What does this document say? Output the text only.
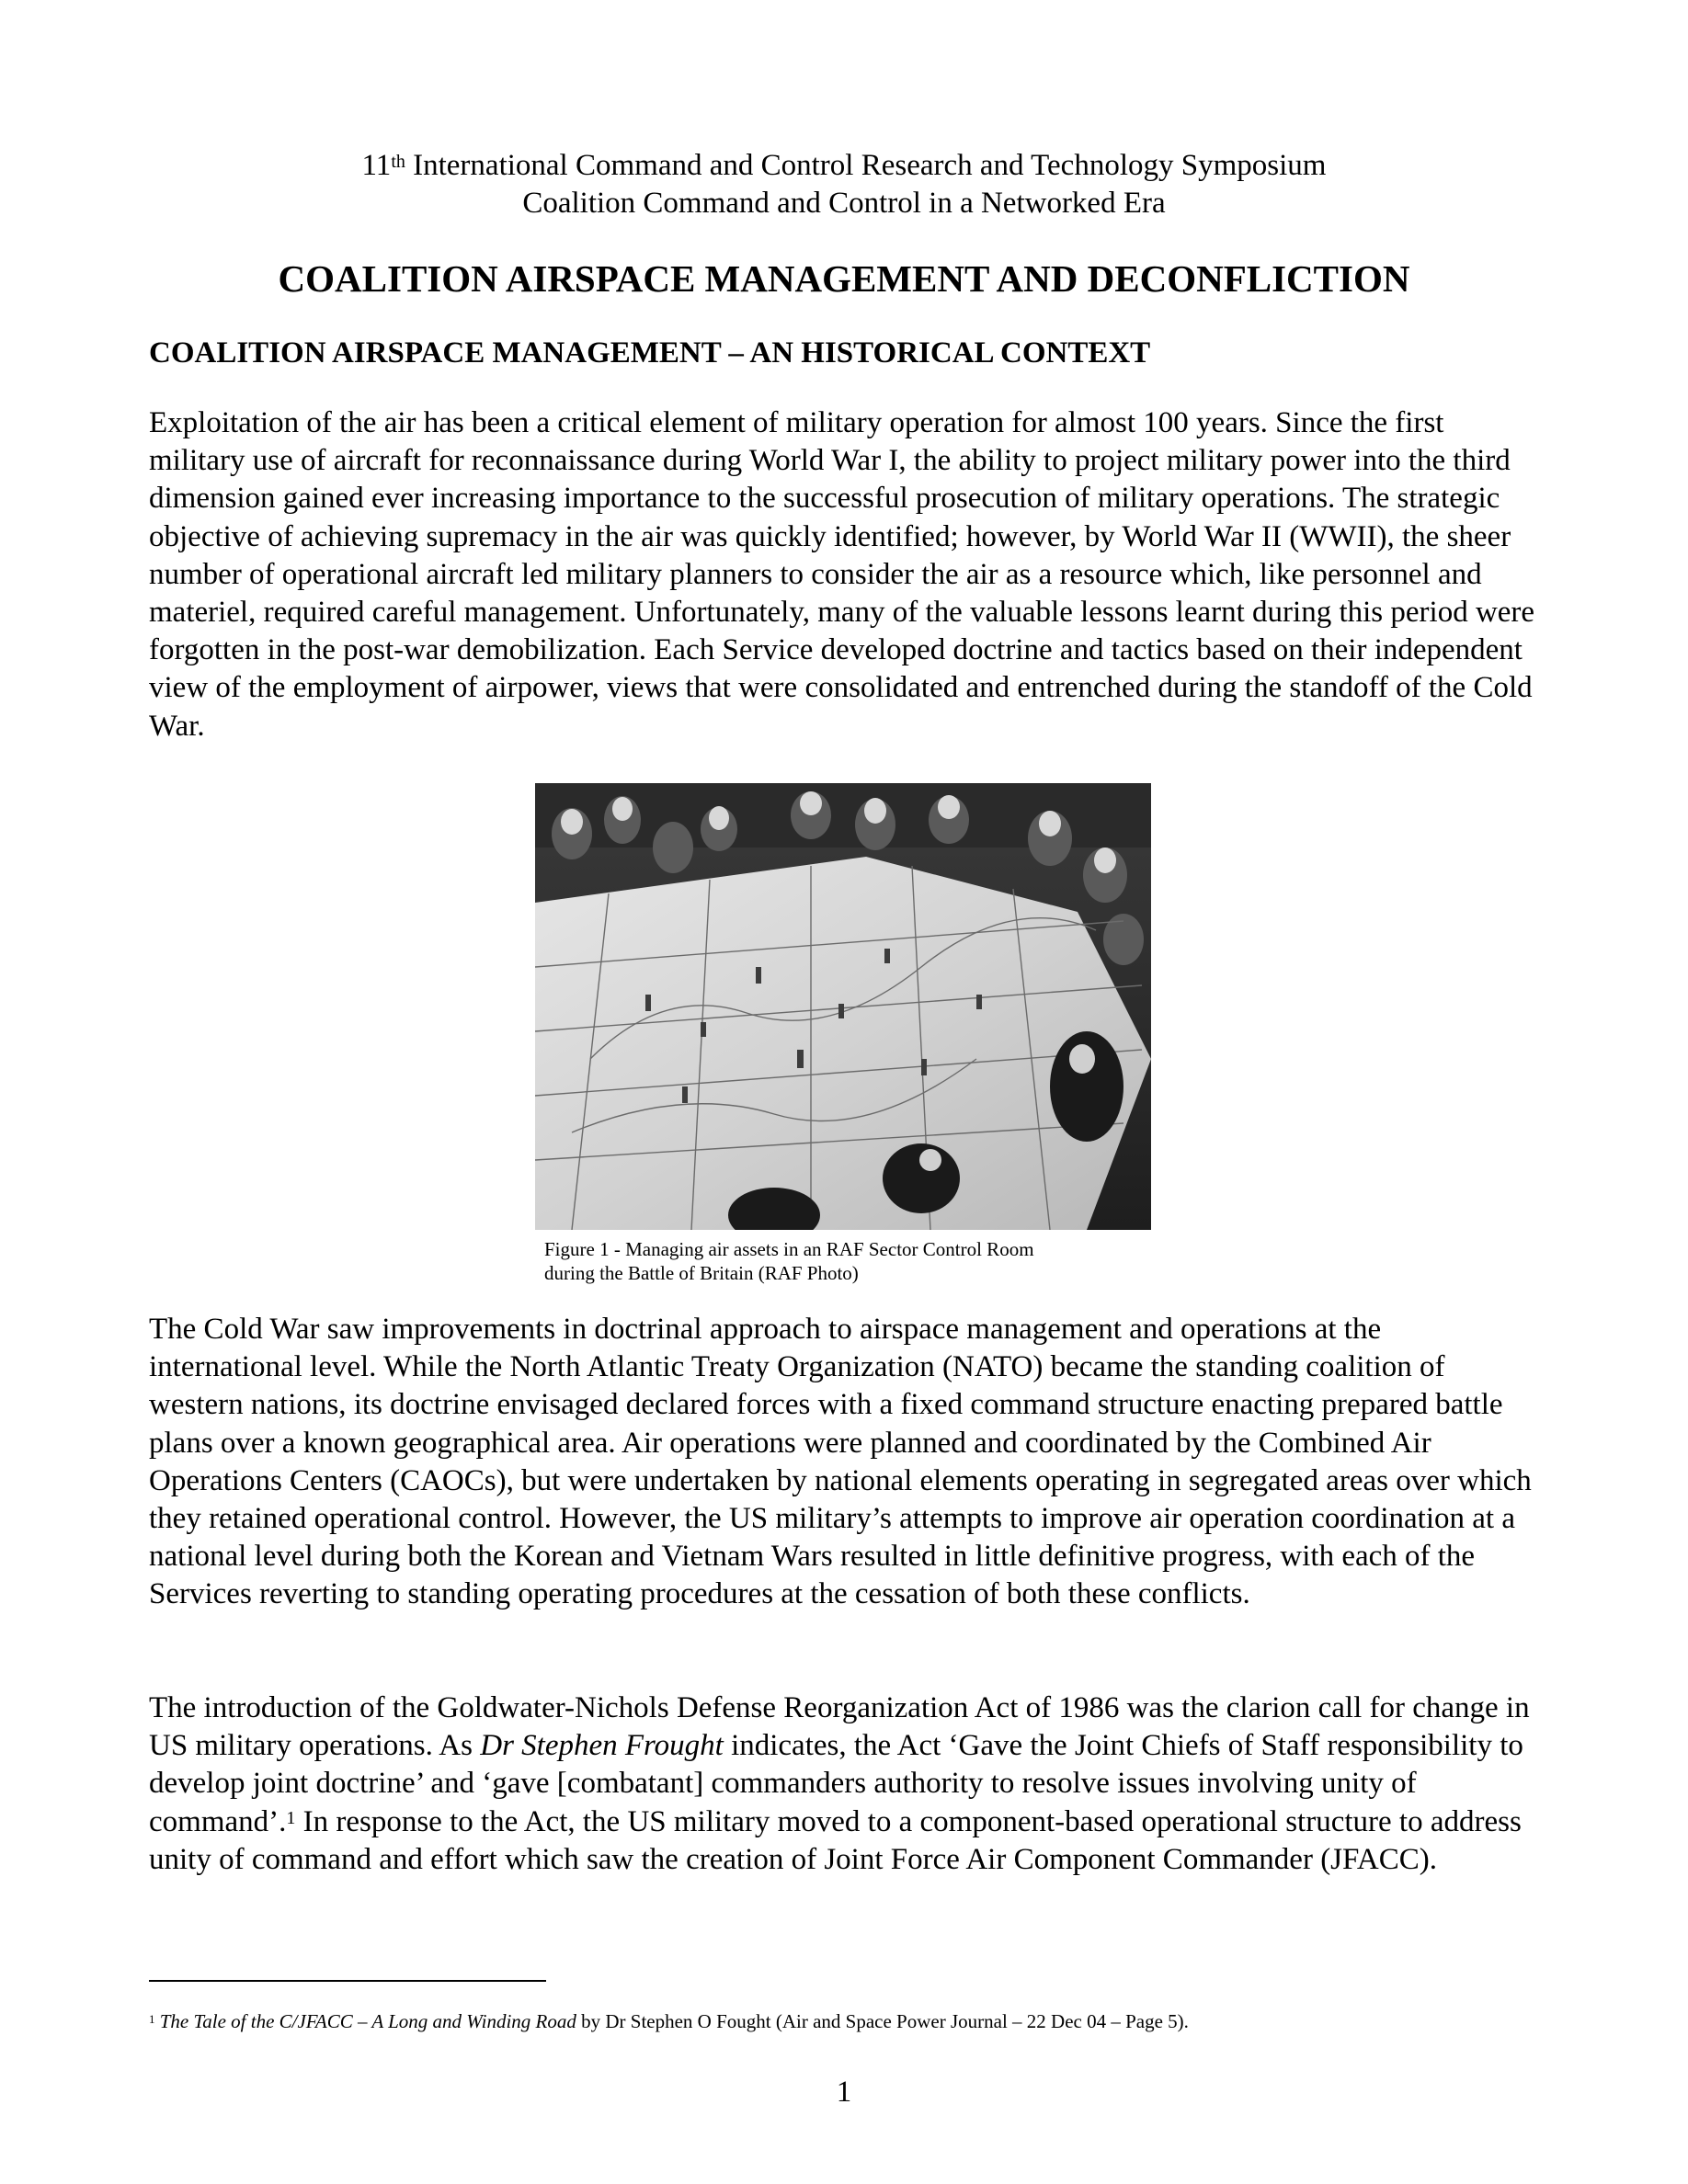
11th International Command and Control Research and Technology Symposium
Coalition Command and Control in a Networked Era
COALITION AIRSPACE MANAGEMENT AND DECONFLICTION
COALITION AIRSPACE MANAGEMENT – AN HISTORICAL CONTEXT

Exploitation of the air has been a critical element of military operation for almost 100 years. Since the first military use of aircraft for reconnaissance during World War I, the ability to project military power into the third dimension gained ever increasing importance to the successful prosecution of military operations. The strategic objective of achieving supremacy in the air was quickly identified; however, by World War II (WWII), the sheer number of operational aircraft led military planners to consider the air as a resource which, like personnel and materiel, required careful management. Unfortunately, many of the valuable lessons learnt during this period were forgotten in the post-war demobilization. Each Service developed doctrine and tactics based on their independent view of the employment of airpower, views that were consolidated and entrenched during the standoff of the Cold War.

Figure 1 - Managing air assets in an RAF Sector Control Room
during the Battle of Britain (RAF Photo)

The Cold War saw improvements in doctrinal approach to airspace management and operations at the international level. While the North Atlantic Treaty Organization (NATO) became the standing coalition of western nations, its doctrine envisaged declared forces with a fixed command structure enacting prepared battle plans over a known geographical area. Air operations were planned and coordinated by the Combined Air Operations Centers (CAOCs), but were undertaken by national elements operating in segregated areas over which they retained operational control. However, the US military’s attempts to improve air operation coordination at a national level during both the Korean and Vietnam Wars resulted in little definitive progress, with each of the Services reverting to standing operating procedures at the cessation of both these conflicts.

The introduction of the Goldwater-Nichols Defense Reorganization Act of 1986 was the clarion call for change in US military operations. As Dr Stephen Frought indicates, the Act ‘Gave the Joint Chiefs of Staff responsibility to develop joint doctrine’ and ‘gave [combatant] commanders authority to resolve issues involving unity of command’.$^1$ In response to the Act, the US military moved to a component-based operational structure to address unity of command and effort which saw the creation of Joint Force Air Component Commander (JFACC).

$^1$ The Tale of the C/JFACC – A Long and Winding Road by Dr Stephen O Fought (Air and Space Power Journal – 22 Dec 04 – Page 5).
1
